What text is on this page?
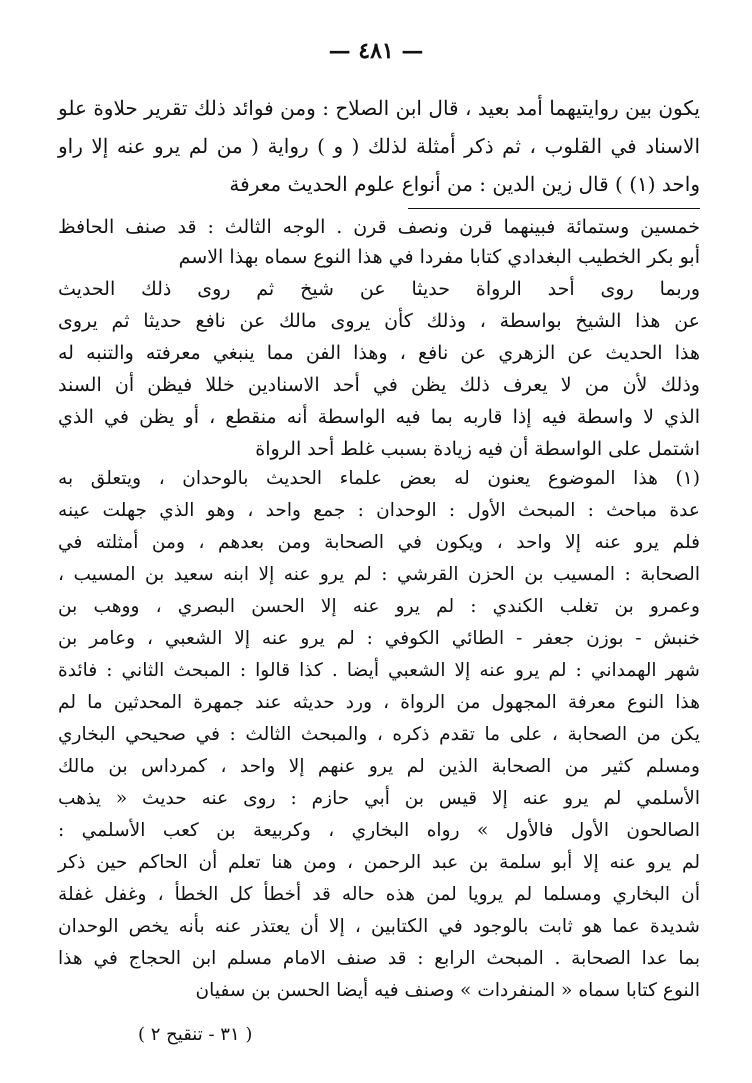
— ٤٨١ —
يكون بين روايتيهما أمد بعيد ، قال ابن الصلاح : ومن فوائد ذلك تقرير حلاوة علو
الاسناد في القلوب ، ثم ذكر أمثلة لذلك ( و ) رواية ( من لم يرو عنه إلا راو
واحد (١) ) قال زين الدين : من أنواع علوم الحديث معرفة
خمسين وستمائة فبينهما قرن ونصف قرن . الوجه الثالث : قد صنف الحافظ
أبو بكر الخطيب البغدادي كتابا مفردا في هذا النوع سماه بهذا الاسم
وربما روى أحد الرواة حديثا عن شيخ ثم روى ذلك الحديث
عن هذا الشيخ بواسطة ، وذلك كأن يروى مالك عن نافع حديثا ثم يروى
هذا الحديث عن الزهري عن نافع ، وهذا الفن مما ينبغي معرفته والتنبه له
وذلك لأن من لا يعرف ذلك يظن في أحد الاسنادين خللا فيظن أن السند
الذي لا واسطة فيه إذا قاربه بما فيه الواسطة أنه منقطع ، أو يظن في الذي
اشتمل على الواسطة أن فيه زيادة بسبب غلط أحد الرواة
(١) هذا الموضوع يعنون له بعض علماء الحديث بالوحدان ، ويتعلق به
عدة مباحث : المبحث الأول : الوحدان : جمع واحد ، وهو الذي جهلت عينه
فلم يرو عنه إلا واحد ، ويكون في الصحابة ومن بعدهم ، ومن أمثلته في
الصحابة : المسيب بن الحزن القرشي : لم يرو عنه إلا ابنه سعيد بن المسيب ،
وعمرو بن تغلب الكندي : لم يرو عنه إلا الحسن البصري ، ووهب بن
خنبش - بوزن جعفر - الطائي الكوفي : لم يرو عنه إلا الشعبي ، وعامر بن
شهر الهمداني : لم يرو عنه إلا الشعبي أيضا . كذا قالوا : المبحث الثاني : فائدة
هذا النوع معرفة المجهول من الرواة ، ورد حديثه عند جمهرة المحدثين ما لم
يكن من الصحابة ، على ما تقدم ذكره ، والمبحث الثالث : في صحيحي البخاري
ومسلم كثير من الصحابة الذين لم يرو عنهم إلا واحد ، كمرداس بن مالك
الأسلمي لم يرو عنه إلا قيس بن أبي حازم : روى عنه حديث « يذهب
الصالحون الأول فالأول » رواه البخاري ، وكربيعة بن كعب الأسلمي :
لم يرو عنه إلا أبو سلمة بن عبد الرحمن ، ومن هنا تعلم أن الحاكم حين ذكر
أن البخاري ومسلما لم يرويا لمن هذه حاله قد أخطأ كل الخطأ ، وغفل غفلة
شديدة عما هو ثابت بالوجود في الكتابين ، إلا أن يعتذر عنه بأنه يخص الوحدان
بما عدا الصحابة . المبحث الرابع : قد صنف الامام مسلم ابن الحجاج في هذا
النوع كتابا سماه « المنفردات » وصنف فيه أيضا الحسن بن سفيان
( ٣١ - تنقيح ٢ )
